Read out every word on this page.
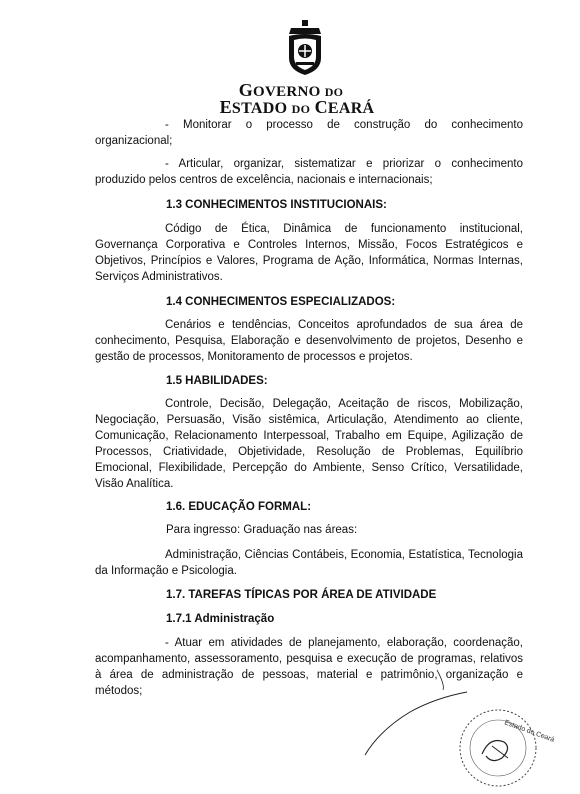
GOVERNO DO
ESTADO DO CEARÁ
- Monitorar o processo de construção do conhecimento organizacional;
- Articular, organizar, sistematizar e priorizar o conhecimento produzido pelos centros de excelência, nacionais e internacionais;
1.3 CONHECIMENTOS INSTITUCIONAIS:
Código de Ética, Dinâmica de funcionamento institucional, Governança Corporativa e Controles Internos, Missão, Focos Estratégicos e Objetivos, Princípios e Valores, Programa de Ação, Informática, Normas Internas, Serviços Administrativos.
1.4 CONHECIMENTOS ESPECIALIZADOS:
Cenários e tendências, Conceitos aprofundados de sua área de conhecimento, Pesquisa, Elaboração e desenvolvimento de projetos, Desenho e gestão de processos, Monitoramento de processos e projetos.
1.5 HABILIDADES:
Controle, Decisão, Delegação, Aceitação de riscos, Mobilização, Negociação, Persuasão, Visão sistêmica, Articulação, Atendimento ao cliente, Comunicação, Relacionamento Interpessoal, Trabalho em Equipe, Agilização de Processos, Criatividade, Objetividade, Resolução de Problemas, Equilíbrio Emocional, Flexibilidade, Percepção do Ambiente, Senso Crítico, Versatilidade, Visão Analítica.
1.6. EDUCAÇÃO FORMAL:
Para ingresso: Graduação nas áreas:
Administração, Ciências Contábeis, Economia, Estatística, Tecnologia da Informação e Psicologia.
1.7. TAREFAS TÍPICAS POR ÁREA DE ATIVIDADE
1.7.1 Administração
- Atuar em atividades de planejamento, elaboração, coordenação, acompanhamento, assessoramento, pesquisa e execução de programas, relativos à área de administração de pessoas, material e patrimônio, organização e métodos;
Estado do Ceará
